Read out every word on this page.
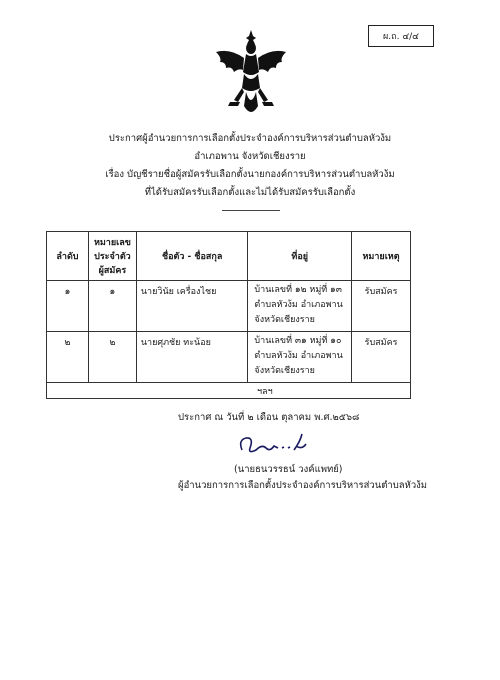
ผ.ถ. ๔/๔
ประกาศผู้อำนวยการการเลือกตั้งประจำองค์การบริหารส่วนตำบลหัวง้ม
อำเภอพาน จังหวัดเชียงราย
เรื่อง บัญชีรายชื่อผู้สมัครรับเลือกตั้งนายกองค์การบริหารส่วนตำบลหัวง้ม
ที่ได้รับสมัครรับเลือกตั้งและไม่ได้รับสมัครรับเลือกตั้ง
ลำดับ	หมายเลข
ประจำตัว
ผู้สมัคร	ชื่อตัว - ชื่อสกุล	ที่อยู่	หมายเหตุ
๑	๑	นายวินัย เครื่องไชย	บ้านเลขที่ ๑๒ หมู่ที่ ๑๓
ตำบลหัวง้ม อำเภอพาน
จังหวัดเชียงราย	รับสมัคร
๒	๒	นายศุภชัย ทะน้อย	บ้านเลขที่ ๓๑ หมู่ที่ ๑๐
ตำบลหัวง้ม อำเภอพาน
จังหวัดเชียงราย	รับสมัคร
ฯลฯ				
ประกาศ ณ วันที่ ๒ เดือน ตุลาคม พ.ศ.๒๕๖๘
(นายธนวรรธน์ วงค์แพทย์)
ผู้อำนวยการการเลือกตั้งประจำองค์การบริหารส่วนตำบลหัวง้ม
